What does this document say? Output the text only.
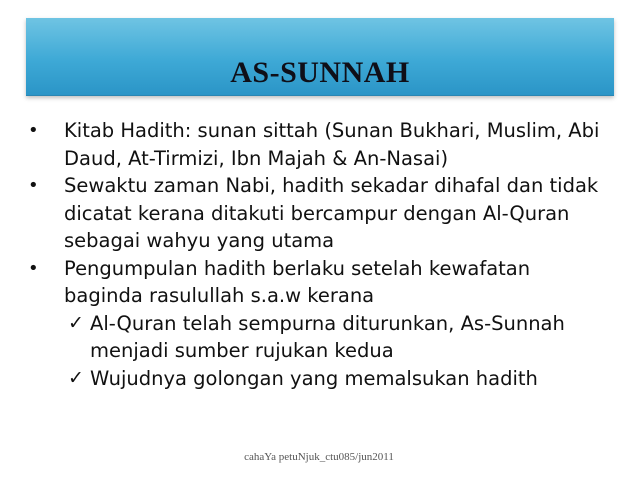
AS-SUNNAH
• Kitab Hadith: sunan sittah (Sunan Bukhari, Muslim, Abi Daud, At-Tirmizi, Ibn Majah & An-Nasai)
• Sewaktu zaman Nabi, hadith sekadar dihafal dan tidak dicatat kerana ditakuti bercampur dengan Al-Quran sebagai wahyu yang utama
• Pengumpulan hadith berlaku setelah kewafatan baginda rasulullah s.a.w kerana
✓ Al-Quran telah sempurna diturunkan, As-Sunnah menjadi sumber rujukan kedua
✓ Wujudnya golongan yang memalsukan hadith
cahaYa petuNjuk_ctu085/jun2011
